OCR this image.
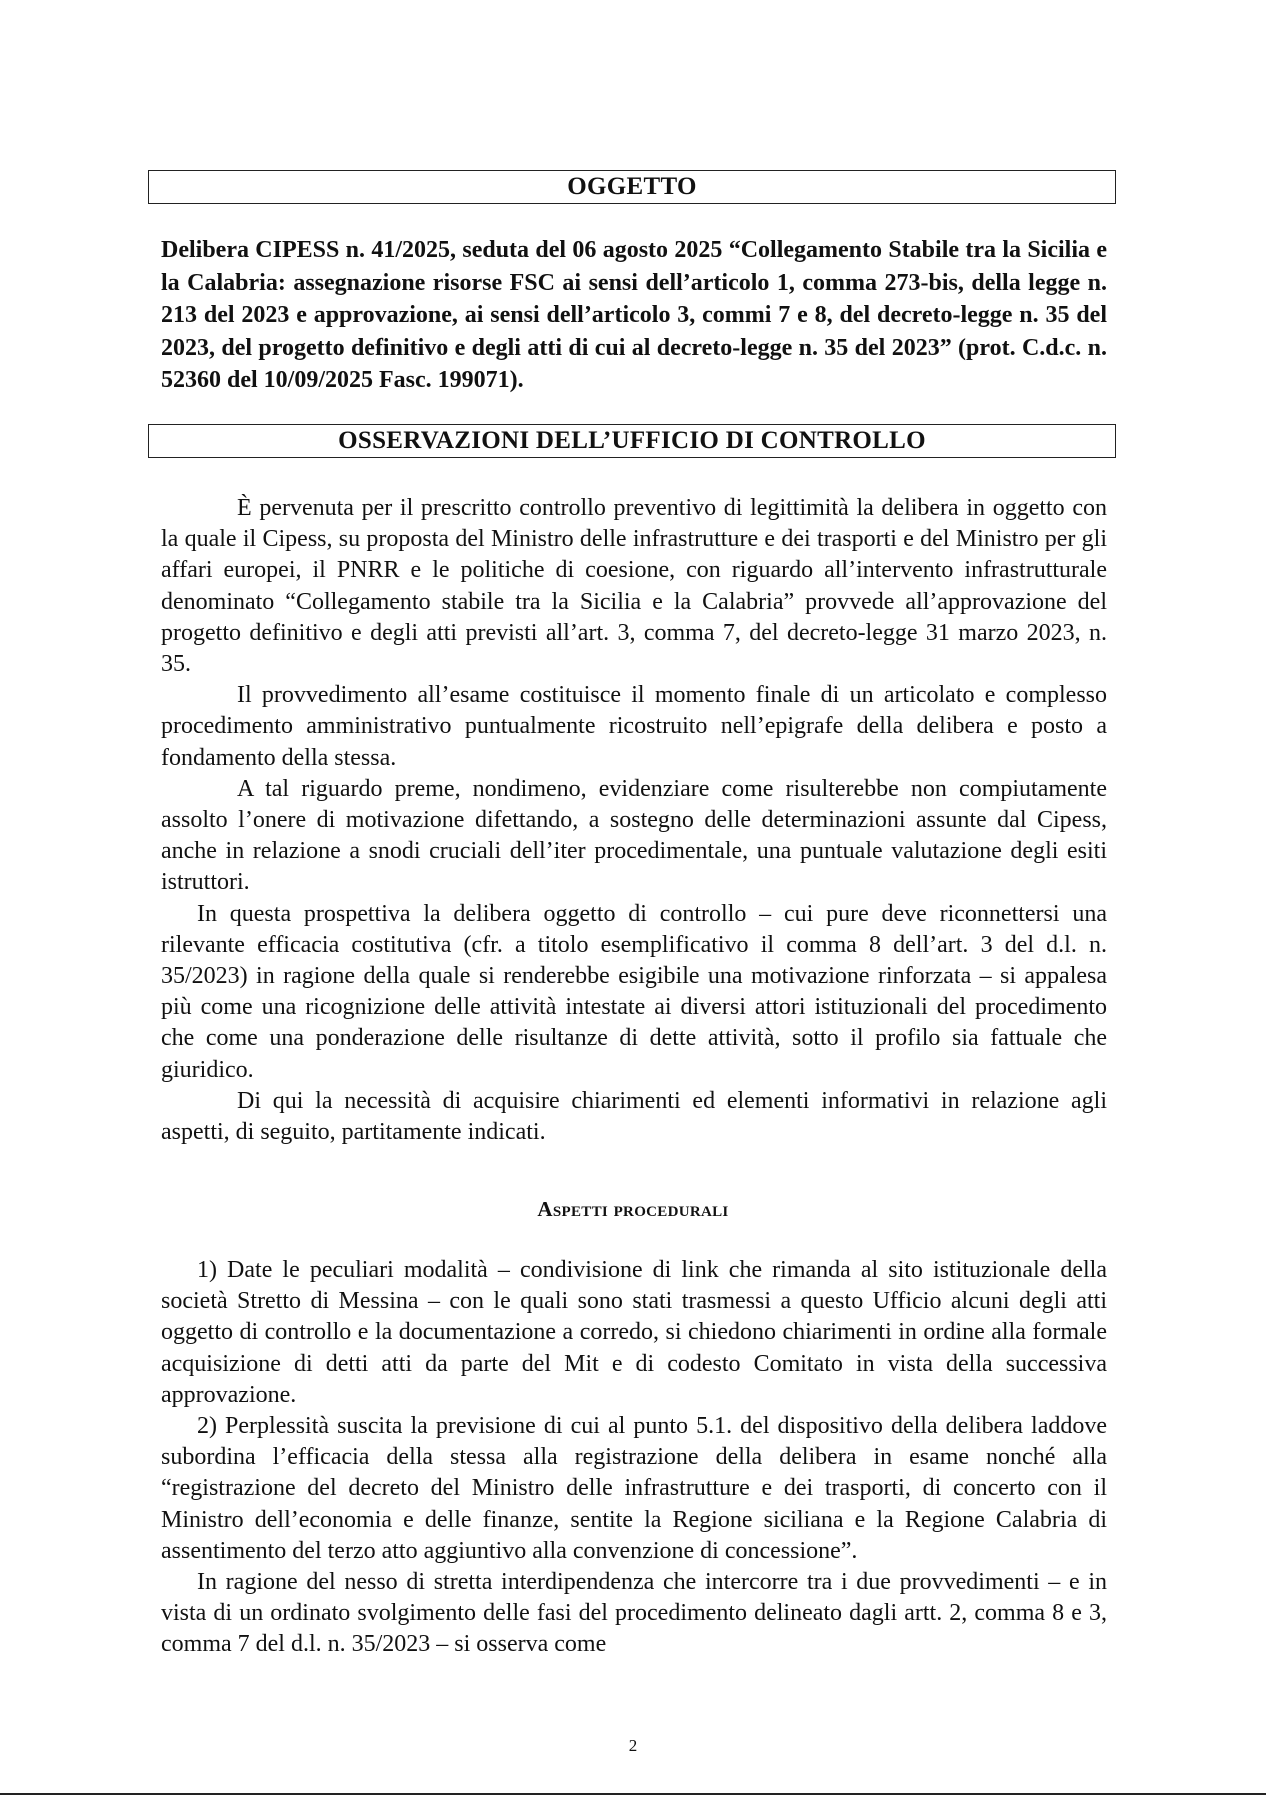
OGGETTO
Delibera CIPESS n. 41/2025, seduta del 06 agosto 2025 “Collegamento Stabile tra la Sicilia e la Calabria: assegnazione risorse FSC ai sensi dell’articolo 1, comma 273-bis, della legge n. 213 del 2023 e approvazione, ai sensi dell’articolo 3, commi 7 e 8, del decreto-legge n. 35 del 2023, del progetto definitivo e degli atti di cui al decreto-legge n. 35 del 2023” (prot. C.d.c. n. 52360 del 10/09/2025 Fasc. 199071).
OSSERVAZIONI DELL’UFFICIO DI CONTROLLO

È pervenuta per il prescritto controllo preventivo di legittimità la delibera in oggetto con la quale il Cipess, su proposta del Ministro delle infrastrutture e dei trasporti e del Ministro per gli affari europei, il PNRR e le politiche di coesione, con riguardo all’intervento infrastrutturale denominato “Collegamento stabile tra la Sicilia e la Calabria” provvede all’approvazione del progetto definitivo e degli atti previsti all’art. 3, comma 7, del decreto-legge 31 marzo 2023, n. 35.

Il provvedimento all’esame costituisce il momento finale di un articolato e complesso procedimento amministrativo puntualmente ricostruito nell’epigrafe della delibera e posto a fondamento della stessa.

A tal riguardo preme, nondimeno, evidenziare come risulterebbe non compiutamente assolto l’onere di motivazione difettando, a sostegno delle determinazioni assunte dal Cipess, anche in relazione a snodi cruciali dell’iter procedimentale, una puntuale valutazione degli esiti istruttori.

In questa prospettiva la delibera oggetto di controllo – cui pure deve riconnettersi una rilevante efficacia costitutiva (cfr. a titolo esemplificativo il comma 8 dell’art. 3 del d.l. n. 35/2023) in ragione della quale si renderebbe esigibile una motivazione rinforzata – si appalesa più come una ricognizione delle attività intestate ai diversi attori istituzionali del procedimento che come una ponderazione delle risultanze di dette attività, sotto il profilo sia fattuale che giuridico.

Di qui la necessità di acquisire chiarimenti ed elementi informativi in relazione agli aspetti, di seguito, partitamente indicati.

Aspetti procedurali

1) Date le peculiari modalità – condivisione di link che rimanda al sito istituzionale della società Stretto di Messina – con le quali sono stati trasmessi a questo Ufficio alcuni degli atti oggetto di controllo e la documentazione a corredo, si chiedono chiarimenti in ordine alla formale acquisizione di detti atti da parte del Mit e di codesto Comitato in vista della successiva approvazione.

2) Perplessità suscita la previsione di cui al punto 5.1. del dispositivo della delibera laddove subordina l’efficacia della stessa alla registrazione della delibera in esame nonché alla “registrazione del decreto del Ministro delle infrastrutture e dei trasporti, di concerto con il Ministro dell’economia e delle finanze, sentite la Regione siciliana e la Regione Calabria di assentimento del terzo atto aggiuntivo alla convenzione di concessione”.

In ragione del nesso di stretta interdipendenza che intercorre tra i due provvedimenti – e in vista di un ordinato svolgimento delle fasi del procedimento delineato dagli artt. 2, comma 8 e 3, comma 7 del d.l. n. 35/2023 – si osserva come

2
